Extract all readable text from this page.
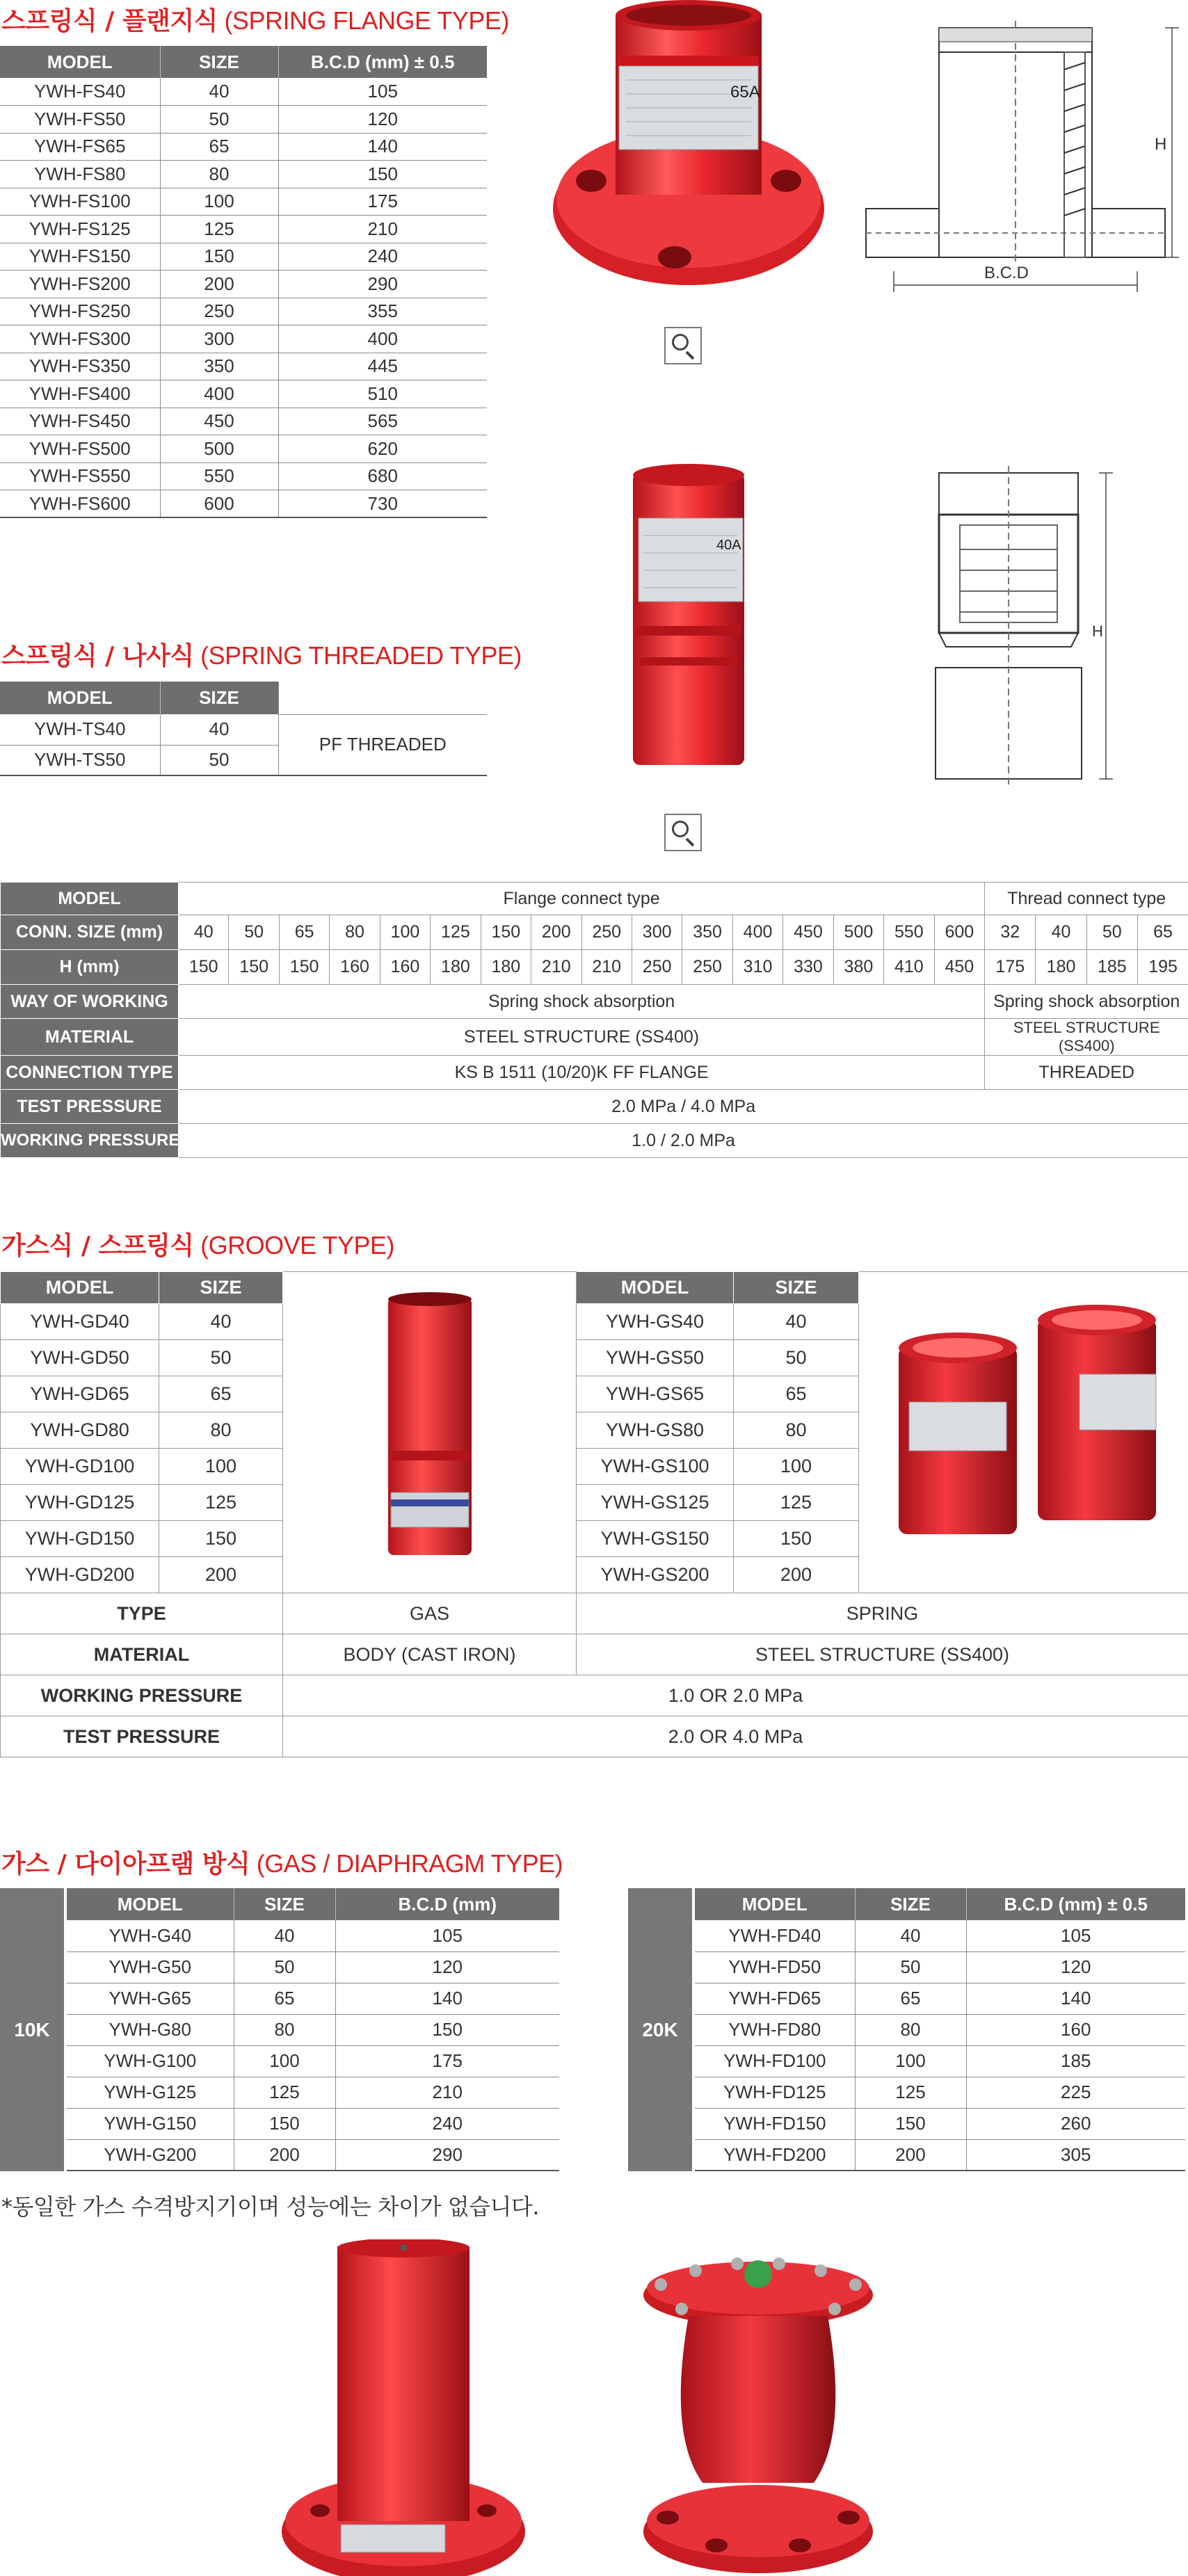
스프링식 / 플랜지식 (SPRING FLANGE TYPE)
MODEL	SIZE	B.C.D (mm) ± 0.5
YWH-FS40	40	105
YWH-FS50	50	120
YWH-FS65	65	140
YWH-FS80	80	150
YWH-FS100	100	175
YWH-FS125	125	210
YWH-FS150	150	240
YWH-FS200	200	290
YWH-FS250	250	355
YWH-FS300	300	400
YWH-FS350	350	445
YWH-FS400	400	510
YWH-FS450	450	565
YWH-FS500	500	620
YWH-FS550	550	680
YWH-FS600	600	730
65A
H
B.C.D
스프링식 / 나사식 (SPRING THREADED TYPE)
MODEL	SIZE	
YWH-TS40	40	PF THREADED
YWH-TS50	50	
40A
H
MODEL	Flange connect type																Thread connect type			
CONN. SIZE (mm)	40	50	65	80	100	125	150	200	250	300	350	400	450	500	550	600	32	40	50	65
H (mm)	150	150	150	160	160	180	180	210	210	250	250	310	330	380	410	450	175	180	185	195
WAY OF WORKING	Spring shock absorption																Spring shock absorption			
MATERIAL	STEEL STRUCTURE (SS400)																STEEL STRUCTURE (SS400)			
CONNECTION TYPE	KS B 1511 (10/20)K FF FLANGE																THREADED			
TEST PRESSURE	2.0 MPa / 4.0 MPa																			
WORKING PRESSURE	1.0 / 2.0 MPa																			
가스식 / 스프링식 (GROOVE TYPE)
MODEL	SIZE		MODEL	SIZE	
YWH-GD40	40		YWH-GS40	40	
YWH-GD50	50		YWH-GS50	50	
YWH-GD65	65		YWH-GS65	65	
YWH-GD80	80		YWH-GS80	80	
YWH-GD100	100		YWH-GS100	100	
YWH-GD125	125		YWH-GS125	125	
YWH-GD150	150		YWH-GS150	150	
YWH-GD200	200		YWH-GS200	200	
TYPE		GAS	SPRING		
MATERIAL		BODY (CAST IRON)	STEEL STRUCTURE (SS400)		
WORKING PRESSURE		1.0 OR 2.0 MPa			
TEST PRESSURE		2.0 OR 4.0 MPa			
가스 / 다이아프램 방식 (GAS / DIAPHRAGM TYPE)
10K
MODEL	SIZE	B.C.D (mm)
YWH-G40	40	105
YWH-G50	50	120
YWH-G65	65	140
YWH-G80	80	150
YWH-G100	100	175
YWH-G125	125	210
YWH-G150	150	240
YWH-G200	200	290
20K
MODEL	SIZE	B.C.D (mm) ± 0.5
YWH-FD40	40	105
YWH-FD50	50	120
YWH-FD65	65	140
YWH-FD80	80	160
YWH-FD100	100	185
YWH-FD125	125	225
YWH-FD150	150	260
YWH-FD200	200	305
*동일한 가스 수격방지기이며 성능에는 차이가 없습니다.
